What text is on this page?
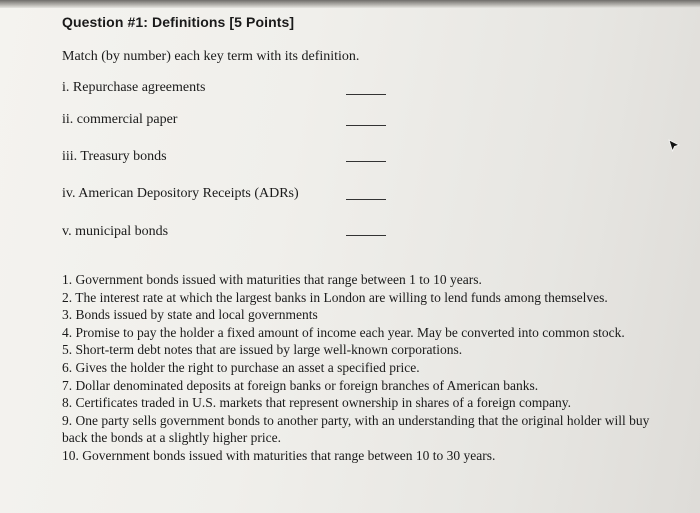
Question #1: Definitions [5 Points]
Match (by number) each key term with its definition.
i. Repurchase agreements
ii. commercial paper
iii. Treasury bonds
iv. American Depository Receipts (ADRs)
v. municipal bonds
1. Government bonds issued with maturities that range between 1 to 10 years.
2. The interest rate at which the largest banks in London are willing to lend funds among themselves.
3. Bonds issued by state and local governments
4. Promise to pay the holder a fixed amount of income each year. May be converted into common stock.
5. Short-term debt notes that are issued by large well-known corporations.
6. Gives the holder the right to purchase an asset a specified price.
7. Dollar denominated deposits at foreign banks or foreign branches of American banks.
8. Certificates traded in U.S. markets that represent ownership in shares of a foreign company.
9. One party sells government bonds to another party, with an understanding that the original holder will buy back the bonds at a slightly higher price.
10. Government bonds issued with maturities that range between 10 to 30 years.
